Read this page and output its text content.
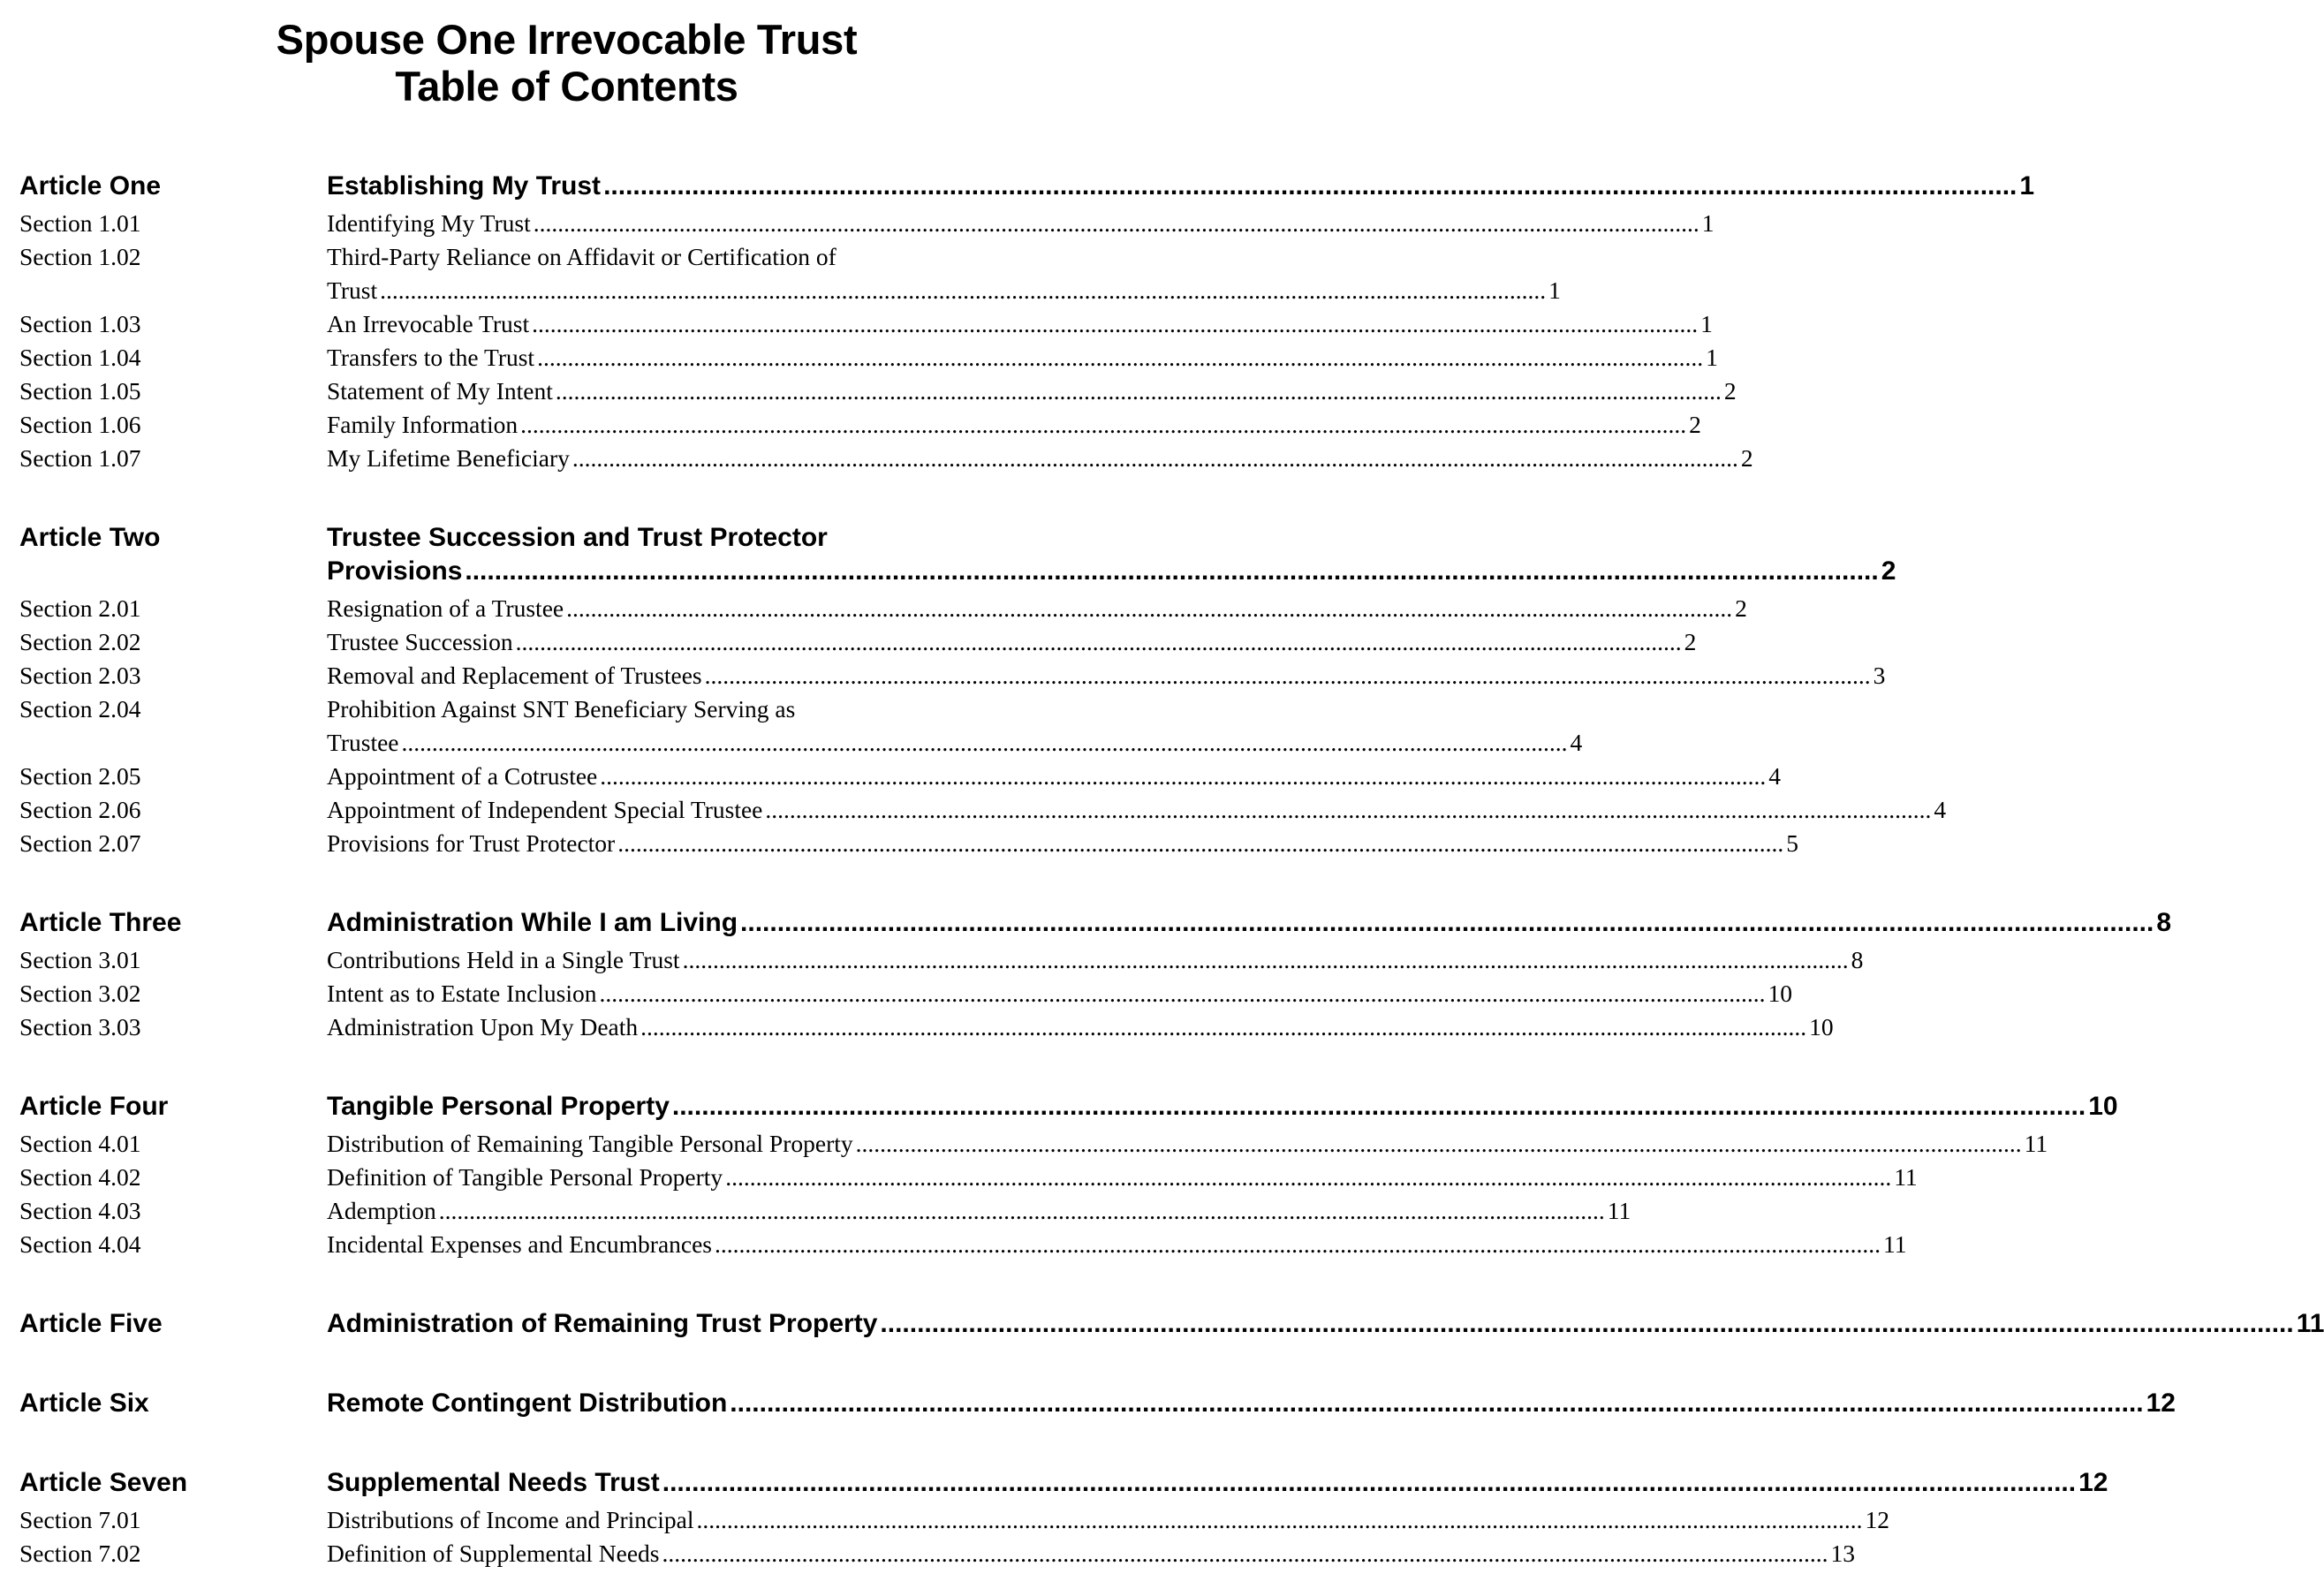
Spouse One Irrevocable Trust
Table of Contents
Article One	Establishing My Trust .....	1
Section 1.01	Identifying My Trust .....	1
Section 1.02	Third-Party Reliance on Affidavit or Certification of
Trust .....	1
Section 1.03	An Irrevocable Trust .....	1
Section 1.04	Transfers to the Trust .....	1
Section 1.05	Statement of My Intent .....	2
Section 1.06	Family Information .....	2
Section 1.07	My Lifetime Beneficiary .....	2
Article Two	Trustee Succession and Trust Protector
Provisions .....	2
Section 2.01	Resignation of a Trustee .....	2
Section 2.02	Trustee Succession .....	2
Section 2.03	Removal and Replacement of Trustees .....	3
Section 2.04	Prohibition Against SNT Beneficiary Serving as
Trustee .....	4
Section 2.05	Appointment of a Cotrustee .....	4
Section 2.06	Appointment of Independent Special Trustee .....	4
Section 2.07	Provisions for Trust Protector .....	5
Article Three	Administration While I am Living .....	8
Section 3.01	Contributions Held in a Single Trust .....	8
Section 3.02	Intent as to Estate Inclusion .....	10
Section 3.03	Administration Upon My Death .....	10
Article Four	Tangible Personal Property .....	10
Section 4.01	Distribution of Remaining Tangible Personal Property .....	11
Section 4.02	Definition of Tangible Personal Property .....	11
Section 4.03	Ademption .....	11
Section 4.04	Incidental Expenses and Encumbrances .....	11
Article Five	Administration of Remaining Trust Property .....	11
Article Six	Remote Contingent Distribution .....	12
Article Seven	Supplemental Needs Trust .....	12
Section 7.01	Distributions of Income and Principal .....	12
Section 7.02	Definition of Supplemental Needs .....	13
